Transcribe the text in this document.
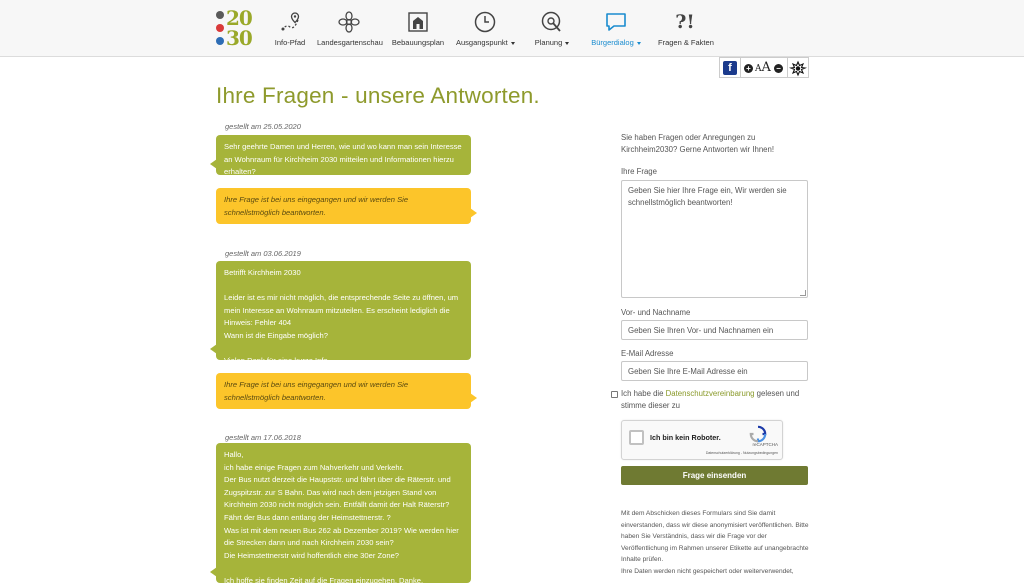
20
30	Info-Pfad	Landesgartenschau Bebauungsplan Ausgangspunkt	Planung	Bürgerdialog
?!
Fragen & Fakten
f	+ AA −
Ihre Fragen - unsere Antworten.
gestellt am 25.05.2020
Sehr geehrte Damen und Herren, wie und wo kann man sein Interesse an Wohnraum für Kirchheim 2030 mitteilen und Informationen hierzu erhalten?
Ihre Frage ist bei uns eingegangen und wir werden Sie schnellstmöglich beantworten.
gestellt am 03.06.2019
Betrifft Kirchheim 2030

Leider ist es mir nicht möglich, die entsprechende Seite zu öffnen, um mein Interesse an Wohnraum mitzuteilen. Es erscheint lediglich die Hinweis: Fehler 404
Wann ist die Eingabe möglich?

Vielen Dank für eine kurze Info.
Ihre Frage ist bei uns eingegangen und wir werden Sie schnellstmöglich beantworten.
gestellt am 17.06.2018
Hallo,
ich habe einige Fragen zum Nahverkehr und Verkehr.
Der Bus nutzt derzeit die Haupststr. und fährt über die Räterstr. und Zugspitzstr. zur S Bahn. Das wird nach dem jetzigen Stand von Kirchheim 2030 nicht möglich sein. Entfällt damit der Halt Räterstr? Fährt der Bus dann entlang der Heimstettnerstr. ?
Was ist mit dem neuen Bus 262 ab Dezember 2019? Wie werden hier die Strecken dann und nach Kirchheim 2030 sein?
Die Heimstettnerstr wird hoffentlich eine 30er Zone?

Ich hoffe sie finden Zeit auf die Fragen einzugehen. Danke.
Sie haben Fragen oder Anregungen zu Kirchheim2030? Gerne Antworten wir Ihnen!
Ihre Frage
Geben Sie hier Ihre Frage ein, Wir werden sie schnellstmöglich beantworten!
Vor- und Nachname
Geben Sie Ihren Vor- und Nachnamen ein
E-Mail Adresse
Geben Sie Ihre E-Mail Adresse ein
Ich habe die Datenschutzvereinbarung gelesen und stimme dieser zu
Ich bin kein Roboter.
reCAPTCHA
Datenschutzerklärung - Nutzungsbedingungen
Frage einsenden
Mit dem Abschicken dieses Formulars sind Sie damit einverstanden, dass wir diese anonymisiert veröffentlichen. Bitte haben Sie Verständnis, dass wir die Frage vor der Veröffentlichung im Rahmen unserer Etikette auf unangebrachte Inhalte prüfen.
Ihre Daten werden nicht gespeichert oder weiterverwendet,
